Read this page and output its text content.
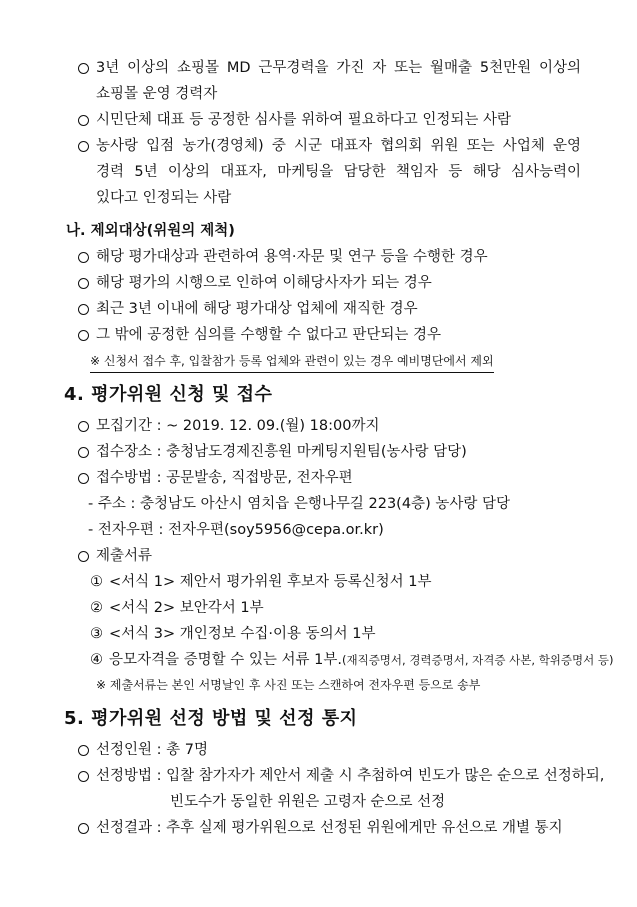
3년 이상의 쇼핑몰 MD 근무경력을 가진 자 또는 월매출 5천만원 이상의
쇼핑몰 운영 경력자
시민단체 대표 등 공정한 심사를 위하여 필요하다고 인정되는 사람
농사랑 입점 농가(경영체) 중 시군 대표자 협의회 위원 또는 사업체 운영
경력 5년 이상의 대표자, 마케팅을 담당한 책임자 등 해당 심사능력이
있다고 인정되는 사람
나. 제외대상(위원의 제척)
해당 평가대상과 관련하여 용역·자문 및 연구 등을 수행한 경우
해당 평가의 시행으로 인하여 이해당사자가 되는 경우
최근 3년 이내에 해당 평가대상 업체에 재직한 경우
그 밖에 공정한 심의를 수행할 수 없다고 판단되는 경우
※ 신청서 접수 후, 입찰참가 등록 업체와 관련이 있는 경우 예비명단에서 제외
4. 평가위원 신청 및 접수
모집기간 : ~ 2019. 12. 09.(월) 18:00까지
접수장소 : 충청남도경제진흥원 마케팅지원팀(농사랑 담당)
접수방법 : 공문발송, 직접방문, 전자우편
- 주소 : 충청남도 아산시 염치읍 은행나무길 223(4층) 농사랑 담당
- 전자우편 : 전자우편(soy5956@cepa.or.kr)
제출서류
① <서식 1> 제안서 평가위원 후보자 등록신청서 1부
② <서식 2> 보안각서 1부
③ <서식 3> 개인정보 수집·이용 동의서 1부
④ 응모자격을 증명할 수 있는 서류 1부. (재직증명서, 경력증명서, 자격증 사본, 학위증명서 등)
※ 제출서류는 본인 서명날인 후 사진 또는 스캔하여 전자우편 등으로 송부
5. 평가위원 선정 방법 및 선정 통지
선정인원 : 총 7명
선정방법 : 입찰 참가자가 제안서 제출 시 추첨하여 빈도가 많은 순으로 선정하되,
빈도수가 동일한 위원은 고령자 순으로 선정
선정결과 : 추후 실제 평가위원으로 선정된 위원에게만 유선으로 개별 통지
